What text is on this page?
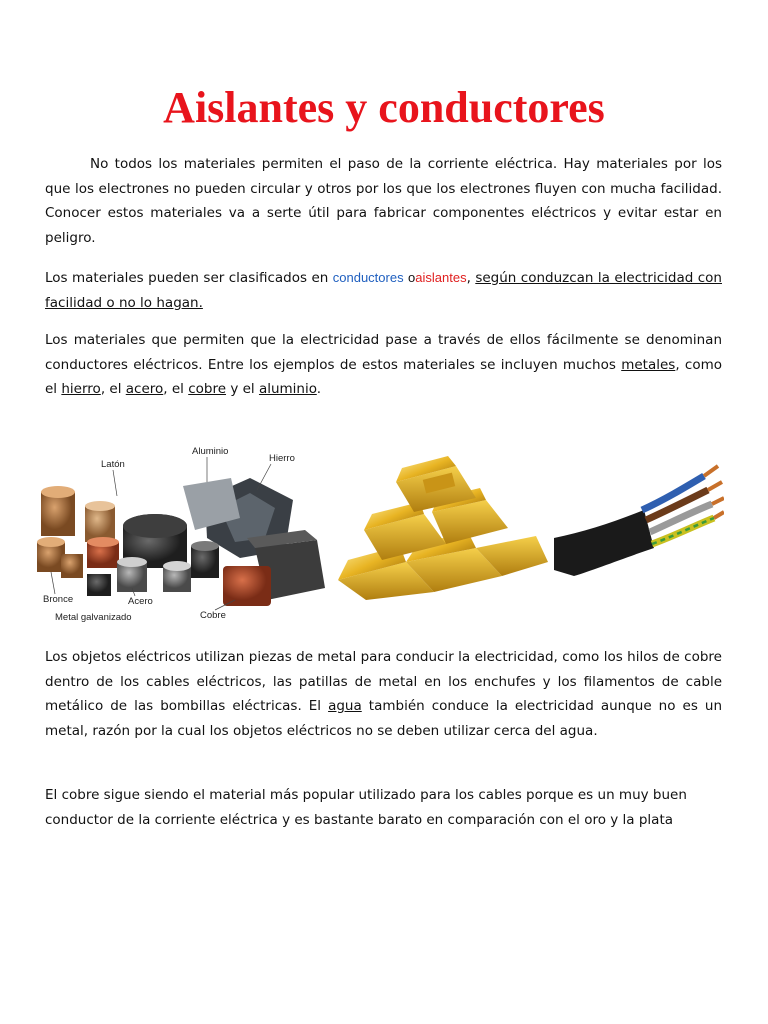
Aislantes y conductores

No todos los materiales permiten el paso de la corriente eléctrica. Hay materiales por los que los electrones no pueden circular y otros por los que los electrones fluyen con mucha facilidad. Conocer estos materiales va a serte útil para fabricar componentes eléctricos y evitar estar en peligro.

Los materiales pueden ser clasificados en conductores oaislantes, según conduzcan la electricidad con facilidad o no lo hagan.

Los materiales que permiten que la electricidad pase a través de ellos fácilmente se denominan conductores eléctricos. Entre los ejemplos de estos materiales se incluyen muchos metales, como el hierro, el acero, el cobre y el aluminio.

Latón
Aluminio
Hierro
Bronce	Acero
Metal galvanizado	Cobre

Los objetos eléctricos utilizan piezas de metal para conducir la electricidad, como los hilos de cobre dentro de los cables eléctricos, las patillas de metal en los enchufes y los filamentos de cable metálico de las bombillas eléctricas. El agua también conduce la electricidad aunque no es un metal, razón por la cual los objetos eléctricos no se deben utilizar cerca del agua.

El cobre sigue siendo el material más popular utilizado para los cables porque es un muy buen conductor de la corriente eléctrica y es bastante barato en comparación con el oro y la plata
